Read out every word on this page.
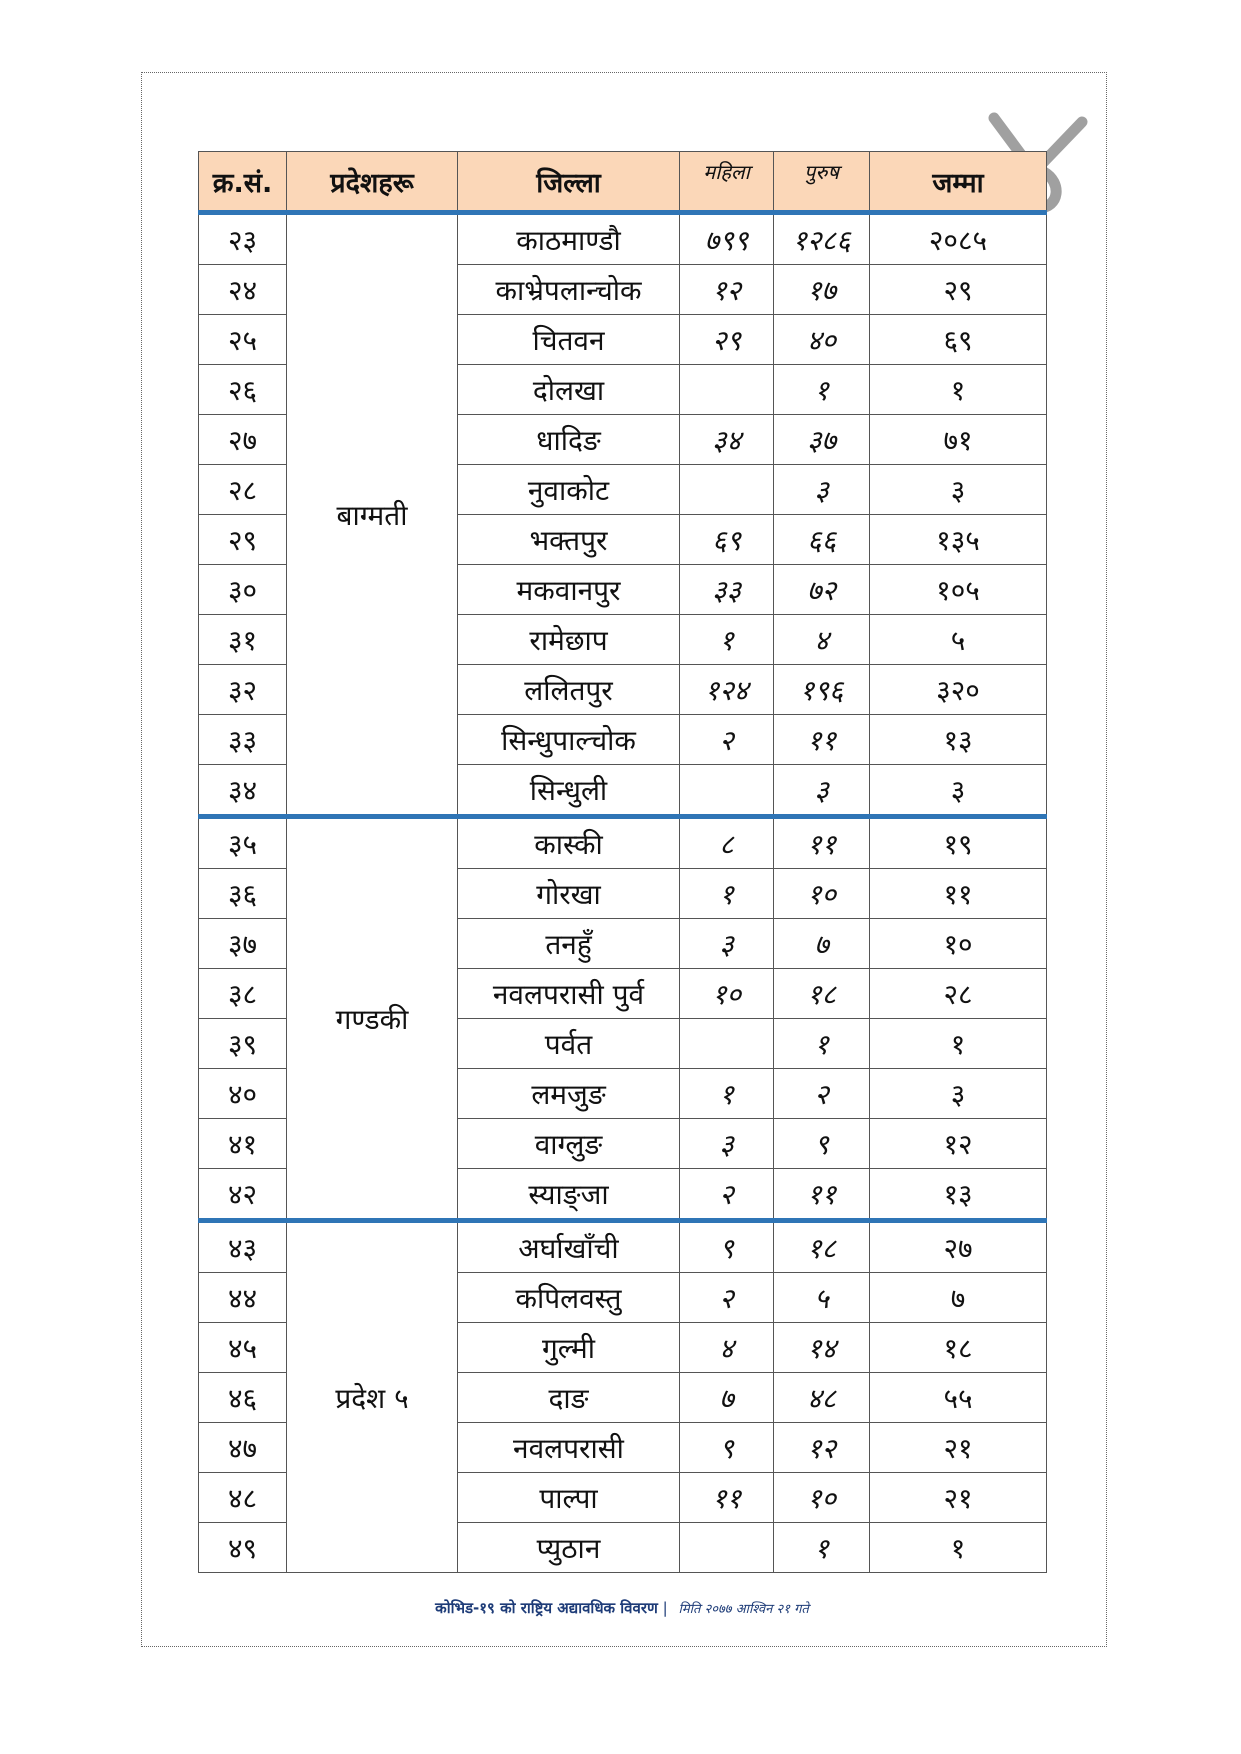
क्र.सं.	प्रदेशहरू	जिल्ला	महिला	पुरुष	जम्मा
२३	बाग्मती	काठमाण्डौ	७९९	१२८६	२०८५
२४		काभ्रेपलान्चोक	१२	१७	२९
२५		चितवन	२९	४०	६९
२६		दोलखा		१	१
२७		धादिङ	३४	३७	७१
२८		नुवाकोट		३	३
२९		भक्तपुर	६९	६६	१३५
३०		मकवानपुर	३३	७२	१०५
३१		रामेछाप	१	४	५
३२		ललितपुर	१२४	१९६	३२०
३३		सिन्धुपाल्चोक	२	११	१३
३४		सिन्धुली		३	३
३५	गण्डकी	कास्की	८	११	१९
३६		गोरखा	१	१०	११
३७		तनहुँ	३	७	१०
३८		नवलपरासी पुर्व	१०	१८	२८
३९		पर्वत		१	१
४०		लमजुङ	१	२	३
४१		वाग्लुङ	३	९	१२
४२		स्याङ्जा	२	११	१३
४३	प्रदेश ५	अर्घाखाँची	९	१८	२७
४४		कपिलवस्तु	२	५	७
४५		गुल्मी	४	१४	१८
४६		दाङ	७	४८	५५
४७		नवलपरासी	९	१२	२१
४८		पाल्पा	११	१०	२१
४९		प्युठान		१	१
कोभिड-१९ को राष्ट्रिय अद्यावधिक विवरण | मिति २०७७ आश्विन २१ गते
